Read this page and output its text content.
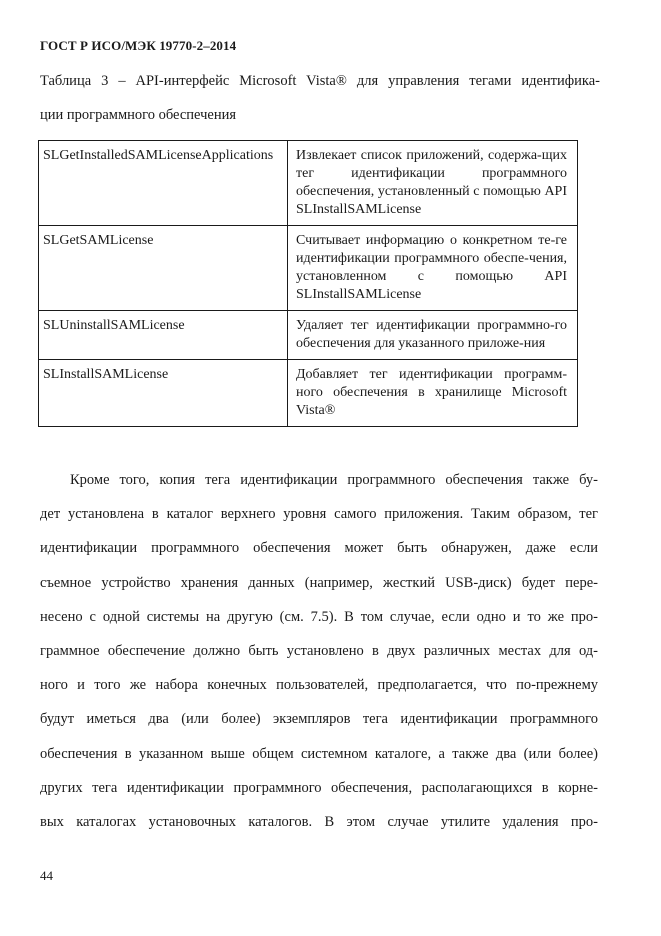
ГОСТ Р ИСО/МЭК 19770-2–2014
Таблица 3 – API-интерфейс Microsoft Vista® для управления тегами идентифика-
ции программного обеспечения
SLGetInstalledSAMLicenseApplications	Извлекает список приложений, содержа-щих тег идентификации программного обеспечения, установленный с помощью API SLInstallSAMLicense
SLGetSAMLicense	Считывает информацию о конкретном те-ге идентификации программного обеспе-чения, установленном с помощью API SLInstallSAMLicense
SLUninstallSAMLicense	Удаляет тег идентификации программно-го обеспечения для указанного приложе-ния
SLInstallSAMLicense	Добавляет тег идентификации программ-ного обеспечения в хранилище Microsoft Vista®
Кроме того, копия тега идентификации программного обеспечения также бу-
дет установлена в каталог верхнего уровня самого приложения. Таким образом, тег
идентификации программного обеспечения может быть обнаружен, даже если
съемное устройство хранения данных (например, жесткий USB-диск) будет пере-
несено с одной системы на другую (см. 7.5). В том случае, если одно и то же про-
граммное обеспечение должно быть установлено в двух различных местах для од-
ного и того же набора конечных пользователей, предполагается, что по-прежнему
будут иметься два (или более) экземпляров тега идентификации программного
обеспечения в указанном выше общем системном каталоге, а также два (или более)
других тега идентификации программного обеспечения, располагающихся в корне-
вых каталогах установочных каталогов. В этом случае утилите удаления про-
44
